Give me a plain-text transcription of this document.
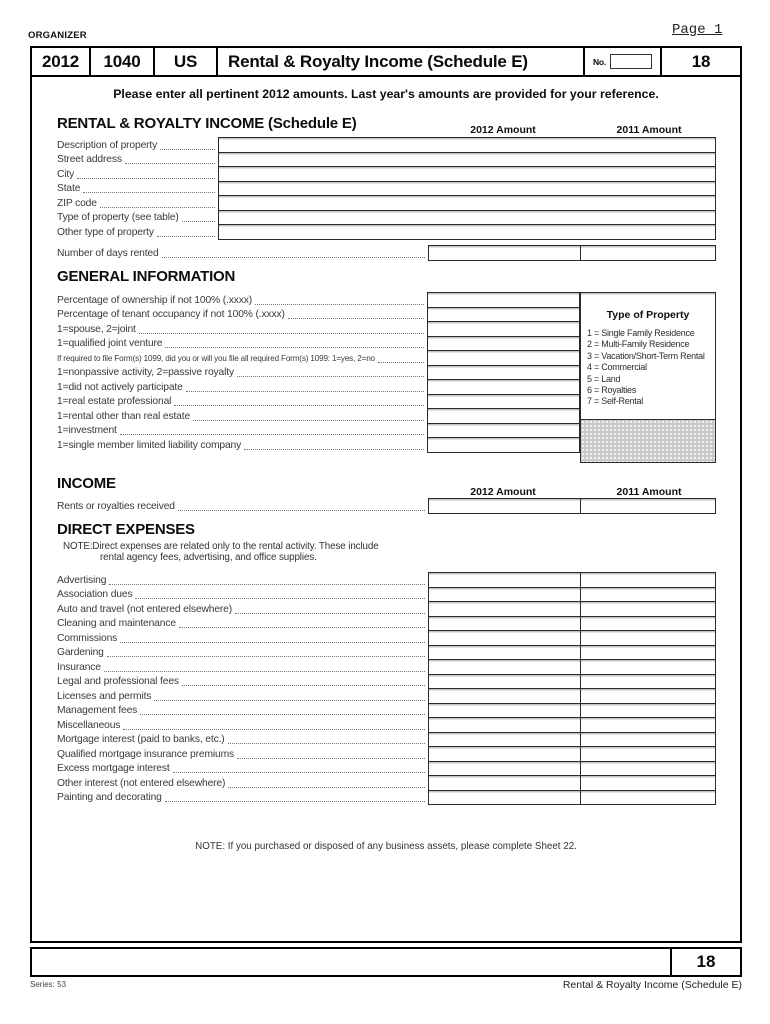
ORGANIZER	Page 1
2012	1040	US	Rental & Royalty Income (Schedule E)	No.	18
Please enter all pertinent 2012 amounts. Last year's amounts are provided for your reference.
RENTAL & ROYALTY INCOME (Schedule E)	2012 Amount	2011 Amount
Description of property
Street address
City
State
ZIP code
Type of property (see table)
Other type of property
Number of days rented
GENERAL INFORMATION
Percentage of ownership if not 100% (.xxxx)
Percentage of tenant occupancy if not 100% (.xxxx)
1=spouse, 2=joint
1=qualified joint venture
If required to file Form(s) 1099, did you or will you file all required Form(s) 1099: 1=yes, 2=no
1=nonpassive activity, 2=passive royalty
1=did not actively participate
1=real estate professional
1=rental other than real estate
1=investment
1=single member limited liability company
Type of Property
1 = Single Family Residence
2 = Multi-Family Residence
3 = Vacation/Short-Term Rental
4 = Commercial
5 = Land
6 = Royalties
7 = Self-Rental
INCOME	2012 Amount	2011 Amount
Rents or royalties received
DIRECT EXPENSES
NOTE:Direct expenses are related only to the rental activity. These include
rental agency fees, advertising, and office supplies.
Advertising
Association dues
Auto and travel (not entered elsewhere)
Cleaning and maintenance
Commissions
Gardening
Insurance
Legal and professional fees
Licenses and permits
Management fees
Miscellaneous
Mortgage interest (paid to banks, etc.)
Qualified mortgage insurance premiums
Excess mortgage interest
Other interest (not entered elsewhere)
Painting and decorating
NOTE: If you purchased or disposed of any business assets, please complete Sheet 22.
18
Series: 53	Rental & Royalty Income (Schedule E)
